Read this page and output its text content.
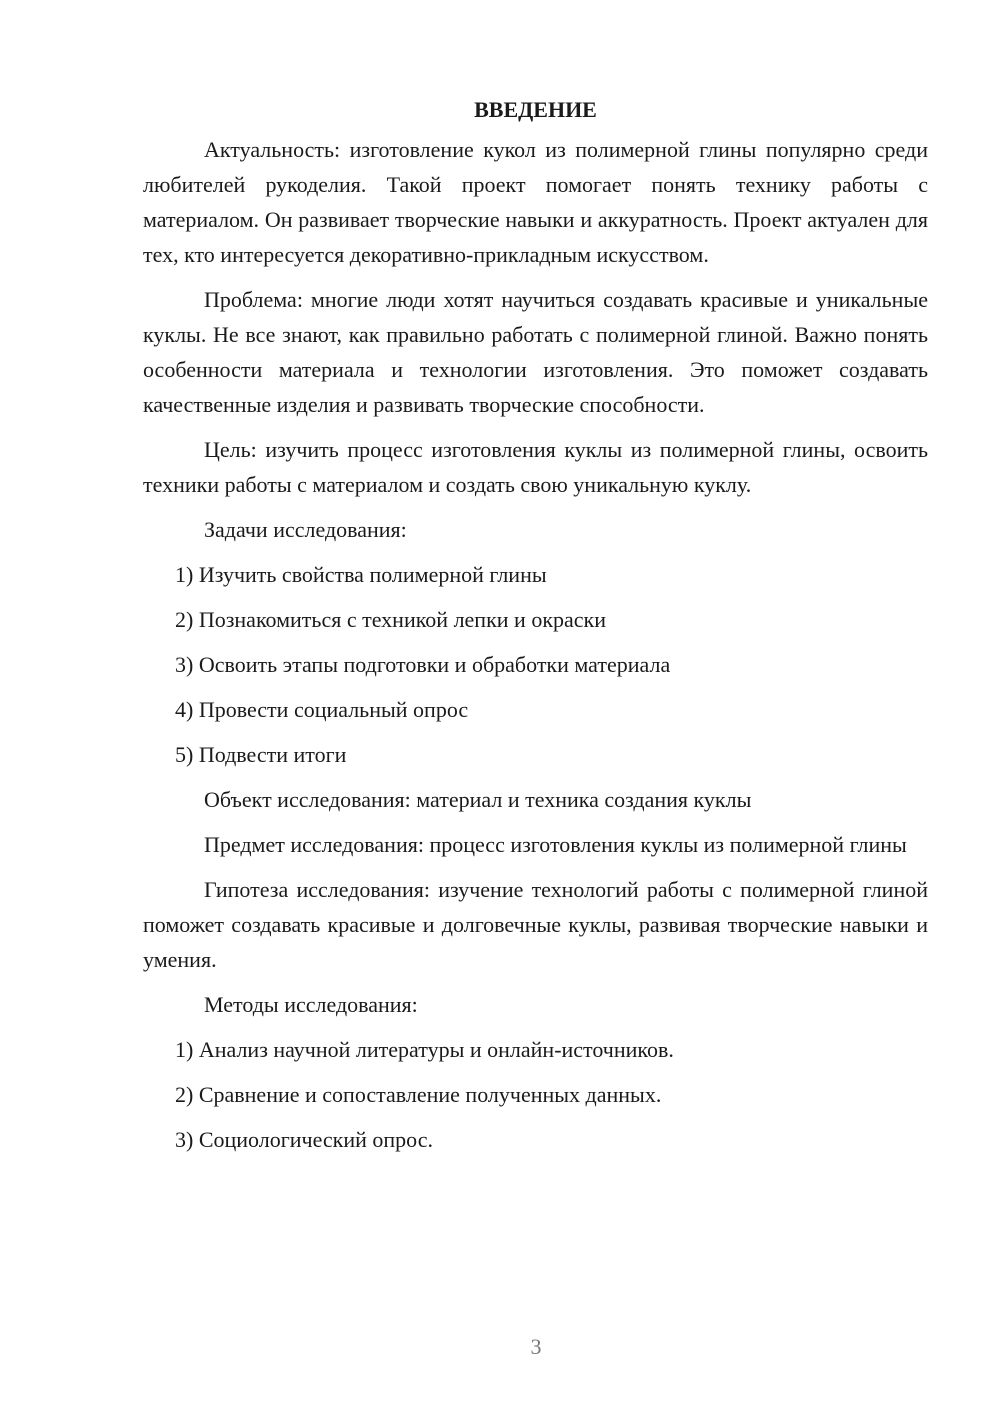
ВВЕДЕНИЕ

Актуальность: изготовление кукол из полимерной глины популярно среди любителей рукоделия. Такой проект помогает понять технику работы с материалом. Он развивает творческие навыки и аккуратность. Проект актуален для тех, кто интересуется декоративно-прикладным искусством.

Проблема: многие люди хотят научиться создавать красивые и уникальные куклы. Не все знают, как правильно работать с полимерной глиной. Важно понять особенности материала и технологии изготовления. Это поможет создавать качественные изделия и развивать творческие способности.

Цель: изучить процесс изготовления куклы из полимерной глины, освоить техники работы с материалом и создать свою уникальную куклу.

Задачи исследования:

1) Изучить свойства полимерной глины

2) Познакомиться с техникой лепки и окраски

3) Освоить этапы подготовки и обработки материала

4) Провести социальный опрос

5) Подвести итоги

Объект исследования: материал и техника создания куклы

Предмет исследования: процесс изготовления куклы из полимерной глины

Гипотеза исследования: изучение технологий работы с полимерной глиной поможет создавать красивые и долговечные куклы, развивая творческие навыки и умения.

Методы исследования:

1) Анализ научной литературы и онлайн-источников.

2) Сравнение и сопоставление полученных данных.

3) Социологический опрос.

3
